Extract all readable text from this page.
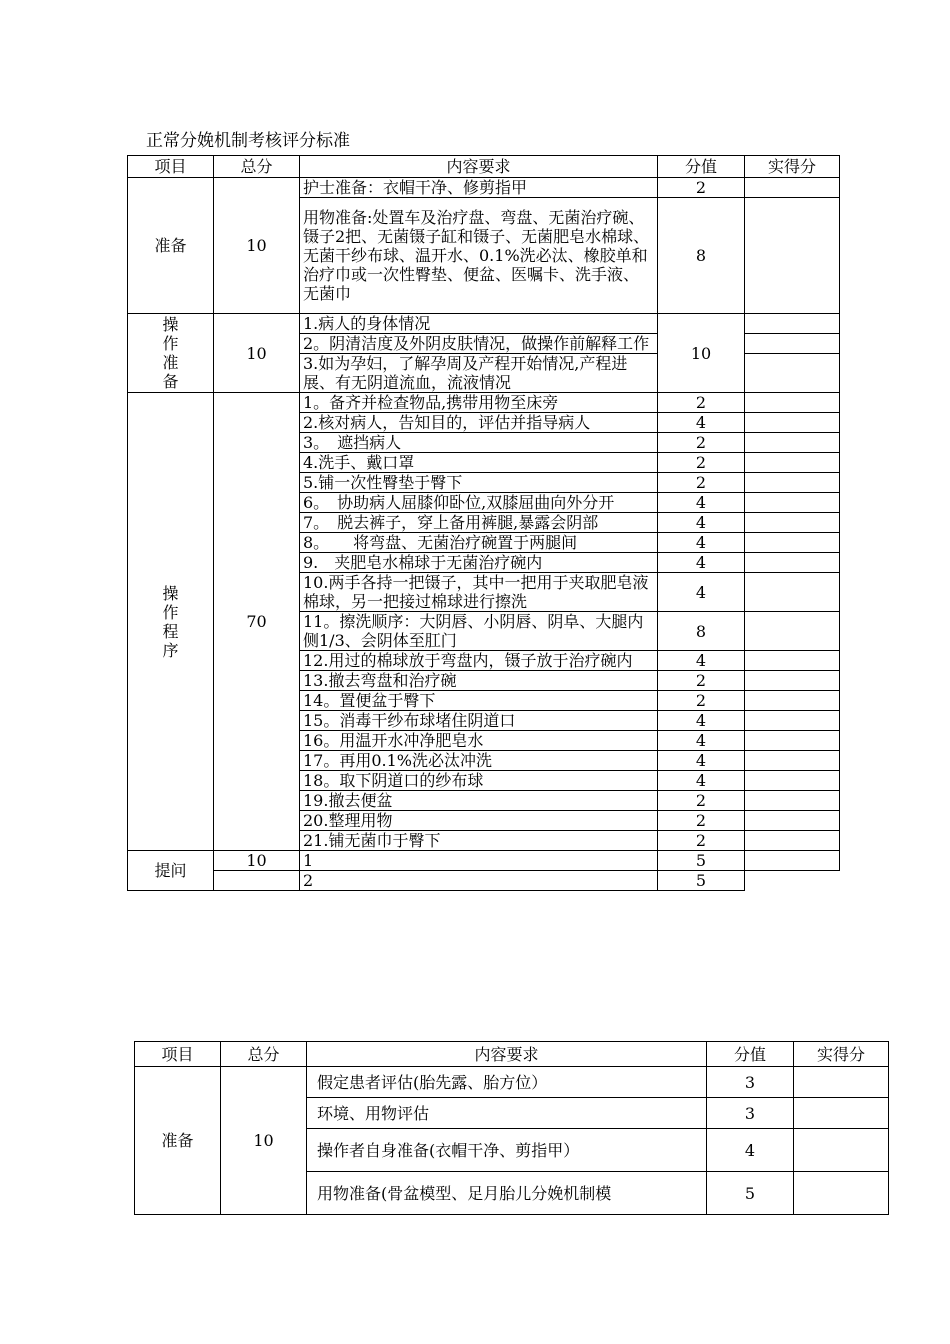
正常分娩机制考核评分标准
项目	总分	内容要求	分值	实得分
准备	10	护士准备：衣帽干净、修剪指甲	2	
		用物准备:处置车及治疗盘、弯盘、无菌治疗碗、镊子2把、无菌镊子缸和镊子、无菌肥皂水棉球、无菌干纱布球、温开水、0.1%洗必汰、橡胶单和治疗巾或一次性臀垫、便盆、医嘱卡、洗手液、无菌巾	8	
操作准备	10	1.病人的身体情况	10	
		2。阴清洁度及外阴皮肤情况，做操作前解释工作		
		3.如为孕妇，了解孕周及产程开始情况,产程进展、有无阴道流血，流液情况		
操作程序	70	1。备齐并检查物品,携带用物至床旁	2	
		2.核对病人，告知目的，评估并指导病人	4	
		3。　遮挡病人	2	
		4.洗手、戴口罩	2	
		5.铺一次性臀垫于臀下	2	
		6。　协助病人屈膝仰卧位,双膝屈曲向外分开	4	
		7。　脱去裤子，穿上备用裤腿,暴露会阴部	4	
		8。　　将弯盘、无菌治疗碗置于两腿间	4	
		9.　夹肥皂水棉球于无菌治疗碗内	4	
		10.两手各持一把镊子，其中一把用于夹取肥皂液棉球，另一把接过棉球进行擦洗	4	
		11。擦洗顺序：大阴唇、小阴唇、阴阜、大腿内侧1/3、会阴体至肛门	8	
		12.用过的棉球放于弯盘内，镊子放于治疗碗内	4	
		13.撤去弯盘和治疗碗	2	
		14。置便盆于臀下	2	
		15。消毒干纱布球堵住阴道口	4	
		16。用温开水冲净肥皂水	4	
		17。再用0.1%洗必汰冲洗	4	
		18。取下阴道口的纱布球	4	
		19.撤去便盆	2	
		20.整理用物	2	
		21.铺无菌巾于臀下	2	
提问	10	1	5	
		2	5	
项目	总分	内容要求	分值	实得分
准备	10	假定患者评估(胎先露、胎方位）	3	
		环境、用物评估	3	
		操作者自身准备(衣帽干净、剪指甲）	4	
		用物准备(骨盆模型、足月胎儿分娩机制模	5	
